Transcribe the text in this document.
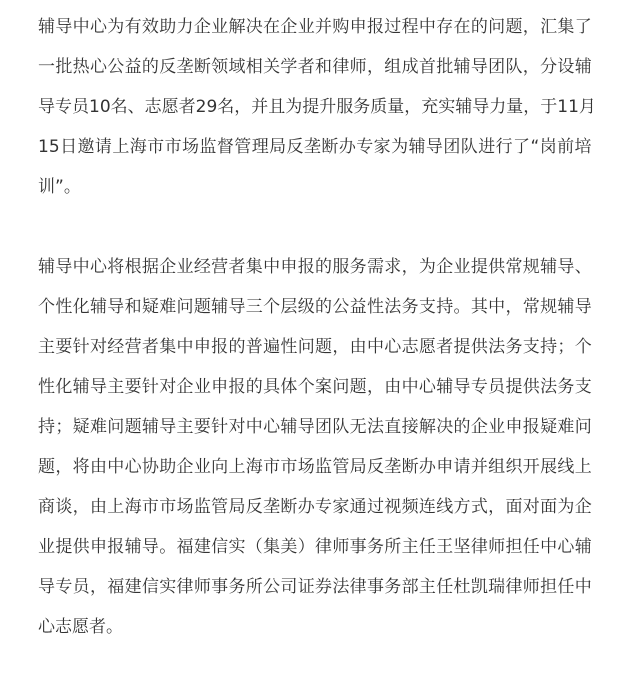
辅 导 中 心 为 有 效 助 力 企 业 解 决 在 企 业 并 购 申 报 过 程 中 存 在 的 问 题 ， 汇 集 了
一 批 热 心 公 益 的 反 垄 断 领 域 相 关 学 者 和 律 师 ， 组 成 首 批 辅 导 团 队 ， 分 设 辅
导 专 员 10 名 、 志 愿 者 29 名 ， 并 且 为 提 升 服 务 质 量 ， 充 实 辅 导 力 量 ， 于 11 月
15 日 邀 请 上 海 市 市 场 监 督 管 理 局 反 垄 断 办 专 家 为 辅 导 团 队 进 行 了 “ 岗 前 培
训 ” 。
辅 导 中 心 将 根 据 企 业 经 营 者 集 中 申 报 的 服 务 需 求 ， 为 企 业 提 供 常 规 辅 导 、
个 性 化 辅 导 和 疑 难 问 题 辅 导 三 个 层 级 的 公 益 性 法 务 支 持 。 其 中 ， 常 规 辅 导
主 要 针 对 经 营 者 集 中 申 报 的 普 遍 性 问 题 ， 由 中 心 志 愿 者 提 供 法 务 支 持 ； 个
性 化 辅 导 主 要 针 对 企 业 申 报 的 具 体 个 案 问 题 ， 由 中 心 辅 导 专 员 提 供 法 务 支
持 ； 疑 难 问 题 辅 导 主 要 针 对 中 心 辅 导 团 队 无 法 直 接 解 决 的 企 业 申 报 疑 难 问
题 ， 将 由 中 心 协 助 企 业 向 上 海 市 市 场 监 管 局 反 垄 断 办 申 请 并 组 织 开 展 线 上
商 谈 ， 由 上 海 市 市 场 监 管 局 反 垄 断 办 专 家 通 过 视 频 连 线 方 式 ， 面 对 面 为 企
业 提 供 申 报 辅 导 。 福 建 信 实 （ 集 美 ） 律 师 事 务 所 主 任 王 坚 律 师 担 任 中 心 辅
导 专 员 ， 福 建 信 实 律 师 事 务 所 公 司 证 券 法 律 事 务 部 主 任 杜 凯 瑞 律 师 担 任 中
心 志 愿 者 。
